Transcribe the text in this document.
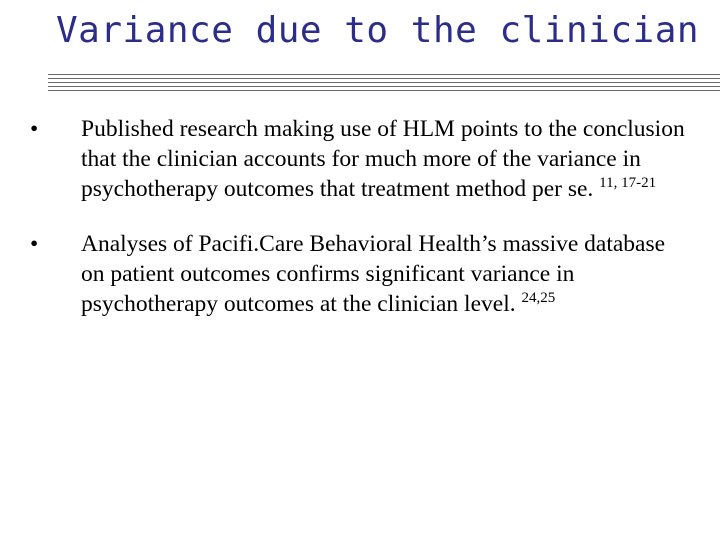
Variance due to the clinician
• Published research making use of HLM points to the conclusion that the clinician accounts for much more of the variance in psychotherapy outcomes that treatment method per se. $^{11, 17-21}$
• Analyses of Pacifi.Care Behavioral Health’s massive database on patient outcomes confirms significant variance in psychotherapy outcomes at the clinician level. $^{24,25}$
